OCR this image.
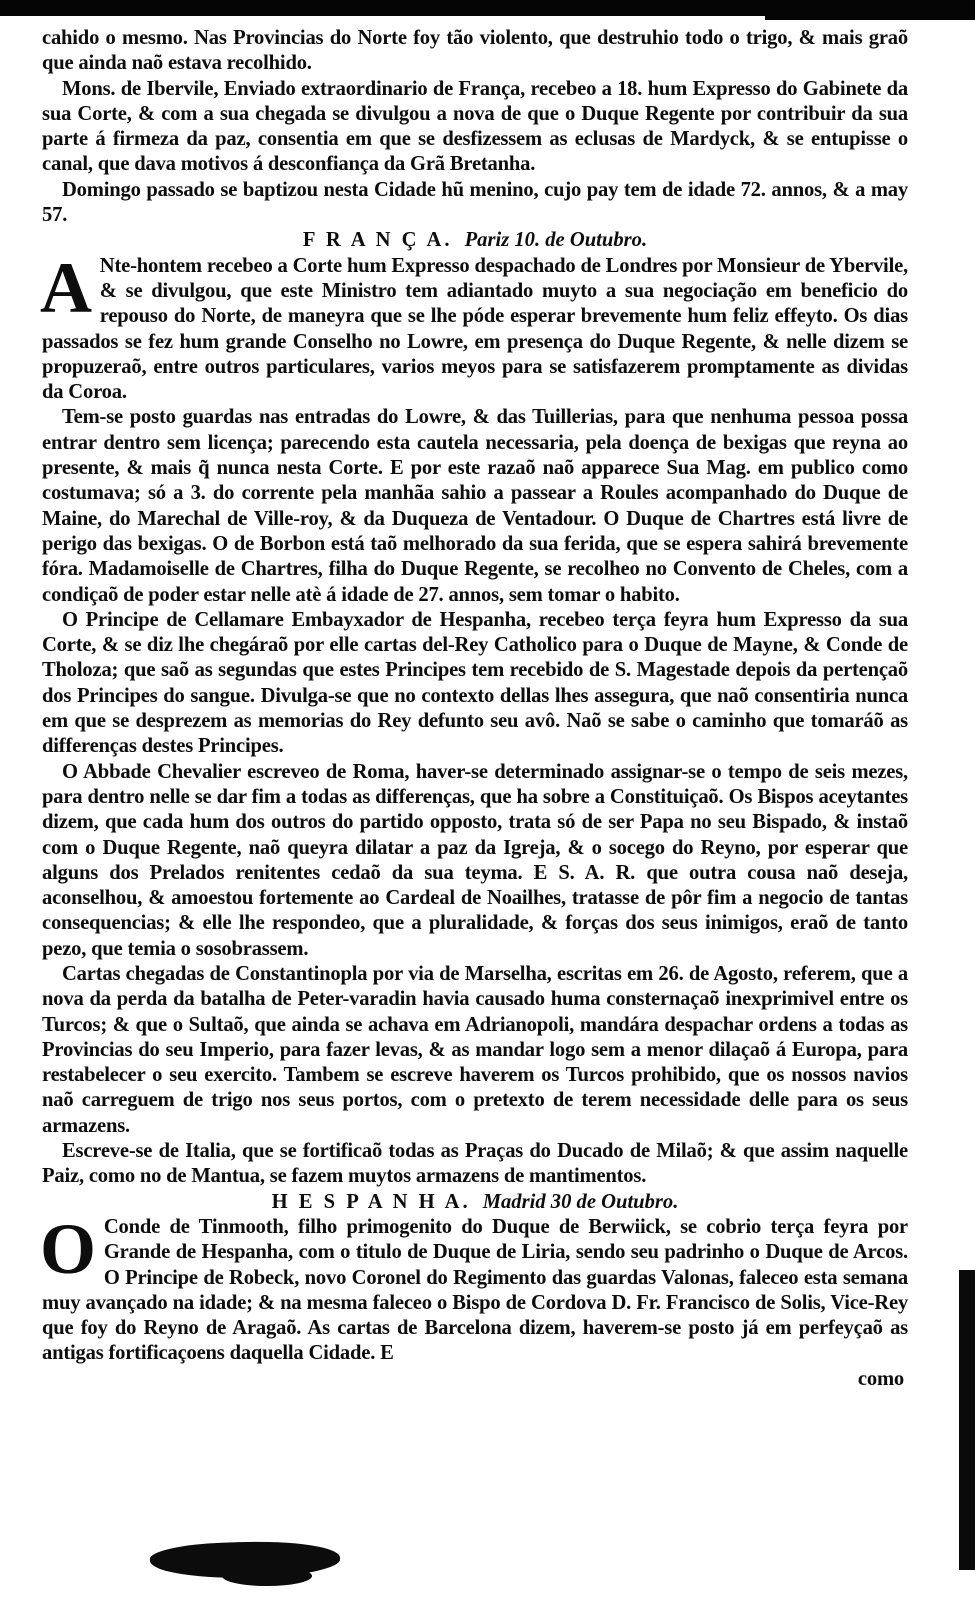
cahido o mesmo. Nas Provincias do Norte foy tão violento, que destruhio todo o trigo, & mais graõ que ainda naõ estava recolhido.

Mons. de Ibervile, Enviado extraordinario de França, recebeo a 18. hum Expresso do Gabinete da sua Corte, & com a sua chegada se divulgou a nova de que o Duque Regente por contribuir da sua parte á firmeza da paz, consentia em que se desfizessem as eclusas de Mardyck, & se entupisse o canal, que dava motivos á desconfiança da Grã Bretanha.

Domingo passado se baptizou nesta Cidade hũ menino, cujo pay tem de idade 72. annos, & a may 57.

F R A N Ç A. Pariz 10. de Outubro.

A Nte-hontem recebeo a Corte hum Expresso despachado de Londres por Monsieur de Ybervile, & se divulgou, que este Ministro tem adiantado muyto a sua negociação em beneficio do repouso do Norte, de maneyra que se lhe póde esperar brevemente hum feliz effeyto. Os dias passados se fez hum grande Conselho no Lowre, em presença do Duque Regente, & nelle dizem se propuzeraõ, entre outros particulares, varios meyos para se satisfazerem promptamente as dividas da Coroa.

Tem-se posto guardas nas entradas do Lowre, & das Tuillerias, para que nenhuma pessoa possa entrar dentro sem licença; parecendo esta cautela necessaria, pela doença de bexigas que reyna ao presente, & mais q̃ nunca nesta Corte. E por este razaõ naõ apparece Sua Mag. em publico como costumava; só a 3. do corrente pela manhãa sahio a passear a Roules acompanhado do Duque de Maine, do Marechal de Ville-roy, & da Duqueza de Ventadour. O Duque de Chartres está livre de perigo das bexigas. O de Borbon está taõ melhorado da sua ferida, que se espera sahirá brevemente fóra. Madamoiselle de Chartres, filha do Duque Regente, se recolheo no Convento de Cheles, com a condiçaõ de poder estar nelle atè á idade de 27. annos, sem tomar o habito.

O Principe de Cellamare Embayxador de Hespanha, recebeo terça feyra hum Expresso da sua Corte, & se diz lhe chegáraõ por elle cartas del-Rey Catholico para o Duque de Mayne, & Conde de Tholoza; que saõ as segundas que estes Principes tem recebido de S. Magestade depois da pertençaõ dos Principes do sangue. Divulga-se que no contexto dellas lhes assegura, que naõ consentiria nunca em que se desprezem as memorias do Rey defunto seu avô. Naõ se sabe o caminho que tomaráõ as differenças destes Principes.

O Abbade Chevalier escreveo de Roma, haver-se determinado assignar-se o tempo de seis mezes, para dentro nelle se dar fim a todas as differenças, que ha sobre a Constituiçaõ. Os Bispos aceytantes dizem, que cada hum dos outros do partido opposto, trata só de ser Papa no seu Bispado, & instaõ com o Duque Regente, naõ queyra dilatar a paz da Igreja, & o socego do Reyno, por esperar que alguns dos Prelados renitentes cedaõ da sua teyma. E S. A. R. que outra cousa naõ deseja, aconselhou, & amoestou fortemente ao Cardeal de Noailhes, tratasse de pôr fim a negocio de tantas consequencias; & elle lhe respondeo, que a pluralidade, & forças dos seus inimigos, eraõ de tanto pezo, que temia o sosobrassem.

Cartas chegadas de Constantinopla por via de Marselha, escritas em 26. de Agosto, referem, que a nova da perda da batalha de Peter-varadin havia causado huma consternaçaõ inexprimivel entre os Turcos; & que o Sultaõ, que ainda se achava em Adrianopoli, mandára despachar ordens a todas as Provincias do seu Imperio, para fazer levas, & as mandar logo sem a menor dilaçaõ á Europa, para restabelecer o seu exercito. Tambem se escreve haverem os Turcos prohibido, que os nossos navios naõ carreguem de trigo nos seus portos, com o pretexto de terem necessidade delle para os seus armazens.

Escreve-se de Italia, que se fortificaõ todas as Praças do Ducado de Milaõ; & que assim naquelle Paiz, como no de Mantua, se fazem muytos armazens de mantimentos.

H E S P A N H A. Madrid 30 de Outubro.

O Conde de Tinmooth, filho primogenito do Duque de Berwiick, se cobrio terça feyra por Grande de Hespanha, com o titulo de Duque de Liria, sendo seu padrinho o Duque de Arcos. O Principe de Robeck, novo Coronel do Regimento das guardas Valonas, faleceo esta semana muy avançado na idade; & na mesma faleceo o Bispo de Cordova D. Fr. Francisco de Solis, Vice-Rey que foy do Reyno de Aragaõ. As cartas de Barcelona dizem, haverem-se posto já em perfeyçaõ as antigas fortificaçoens daquella Cidade. E

como
